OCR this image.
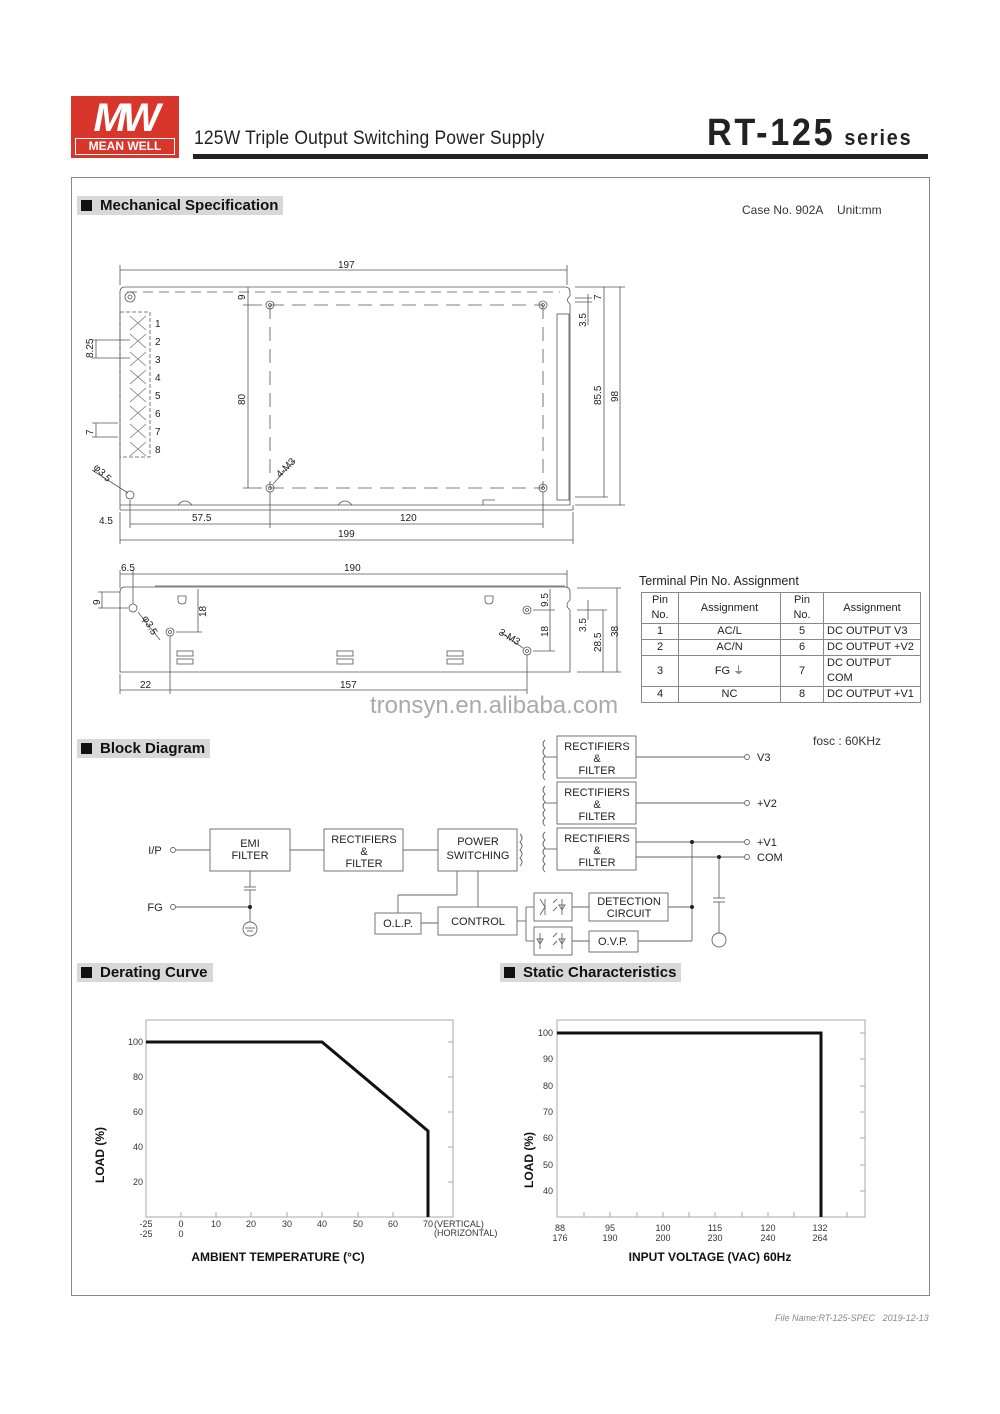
MW
MEAN WELL	125W Triple Output Switching Power Supply	RT-125 series
Mechanical Specification	Case No. 902A Unit:mm
197
199
57.5	120
4.5
9
80
8.25
7
φ3.5	4-M3
7
3.5
85.5 98
1
2
3
4
5
6
7
8
190
6.5
9
φ3.5
18
9.5
18
3-M3
3.5
28.5
38
22	157
Terminal Pin No. Assignment
Pin No.	Assignment	Pin No.	Assignment
1	AC/L	5	DC OUTPUT V3
2	AC/N	6	DC OUTPUT +V2
3	FG ⏚	7	DC OUTPUT COM
4	NC	8	DC OUTPUT +V1
tronsyn.en.alibaba.com
Block Diagram	fosc : 60KHz
I/P
FG
EMI
FILTER
RECTIFIERS
&
FILTER
POWER
SWITCHING
RECTIFIERS
&
FILTER
RECTIFIERS
&
FILTER
RECTIFIERS
&
FILTER
O.L.P.	CONTROL
DETECTION
CIRCUIT
O.V.P.
V3
+V2
+V1
COM
Derating Curve	Static Characteristics
100
80
60
40
20
-25	0	10	20	30	40	50	60	70
-25	0
(VERTICAL)
(HORIZONTAL)
AMBIENT TEMPERATURE (°C)
LOAD (%)
100
90
80
70
60
50
40
88	95	100	115	120	132
176	190	200	230	240	264
INPUT VOLTAGE (VAC) 60Hz
LOAD (%)
File Name:RT-125-SPEC 2019-12-13
